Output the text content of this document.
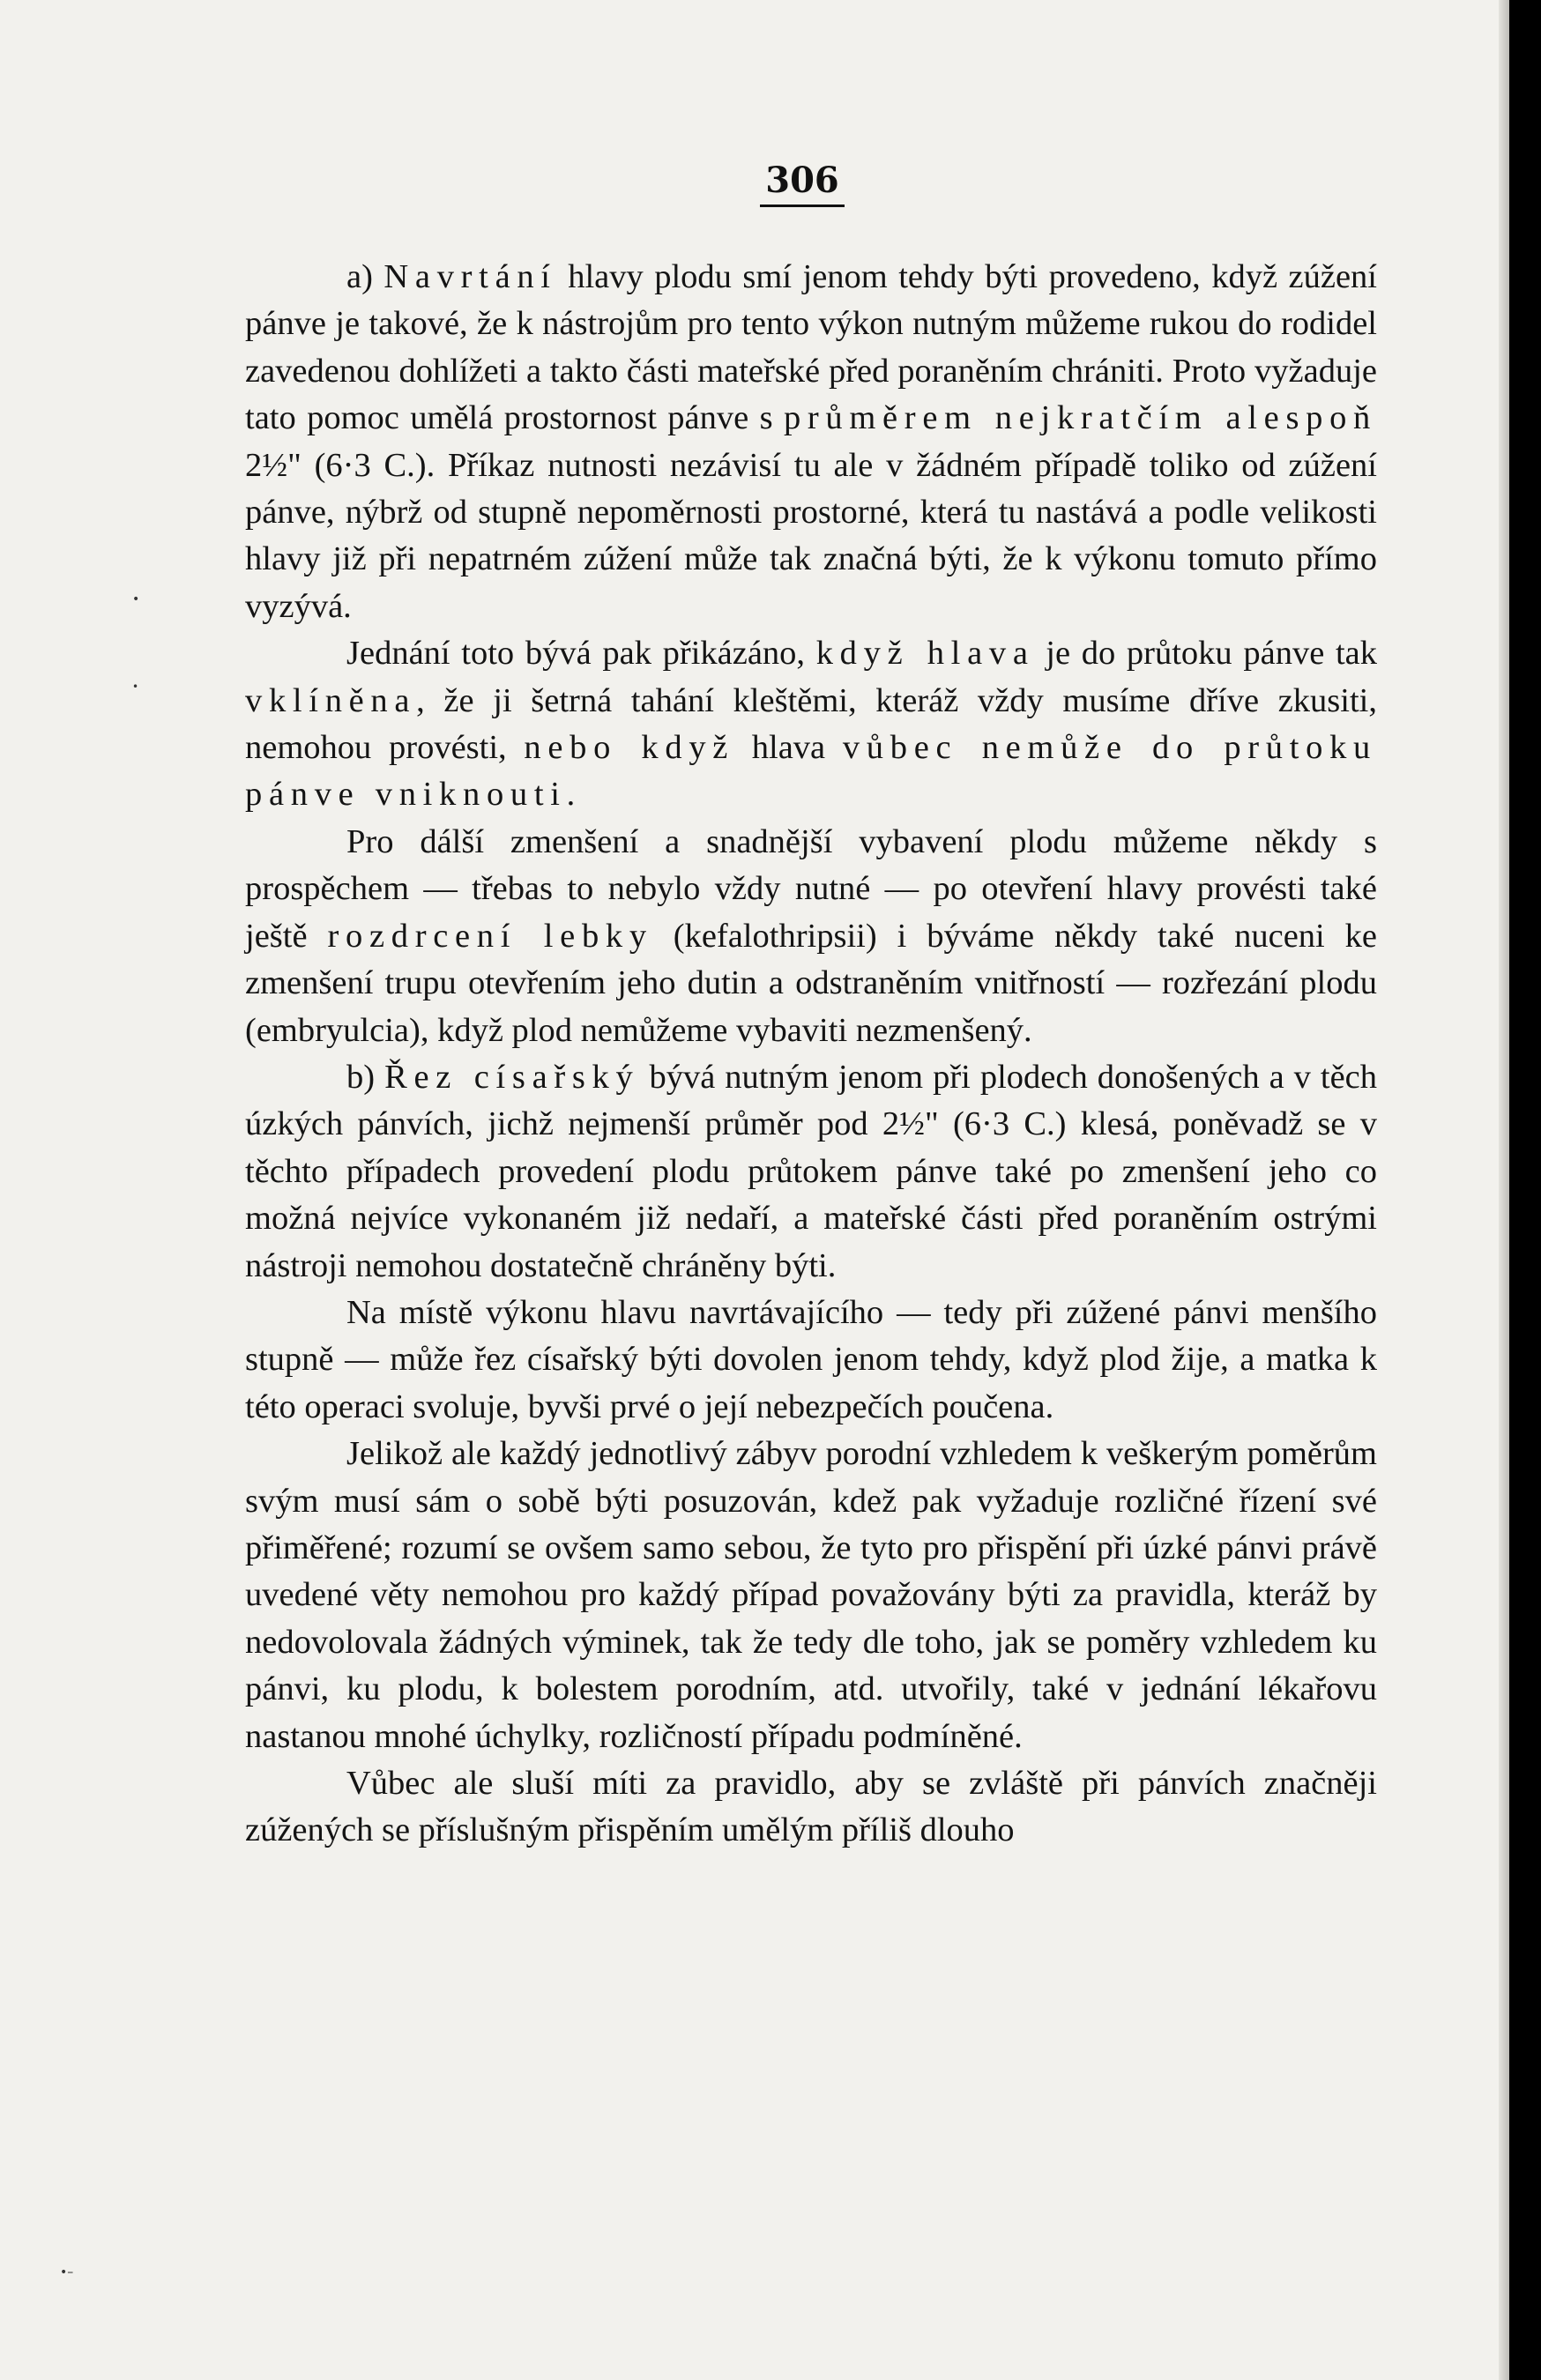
306

a) Navrtání hlavy plodu smí jenom tehdy býti provedeno, když zúžení pánve je takové, že k nástrojům pro tento výkon nutným můžeme rukou do rodidel zavedenou dohlížeti a takto části mateřské před poraněním chrániti. Proto vyžaduje tato pomoc umělá prostornost pánve s průměrem nejkratčím alespoň 2½" (6·3 C.). Příkaz nutnosti nezávisí tu ale v žádném případě toliko od zúžení pánve, nýbrž od stupně nepoměrnosti prostorné, která tu nastává a podle velikosti hlavy již při nepatrném zúžení může tak značná býti, že k výkonu tomuto přímo vyzývá.

Jednání toto bývá pak přikázáno, když hlava je do průtoku pánve tak vklíněna, že ji šetrná tahání kleštěmi, kteráž vždy musíme dříve zkusiti, nemohou provésti, nebo když hlava vůbec nemůže do průtoku pánve vniknouti.

Pro dálší zmenšení a snadnější vybavení plodu můžeme někdy s prospěchem — třebas to nebylo vždy nutné — po otevření hlavy provésti také ještě rozdrcení lebky (kefalothripsii) i býváme někdy také nuceni ke zmenšení trupu otevřením jeho dutin a odstraněním vnitřností — rozřezání plodu (embryulcia), když plod nemůžeme vybaviti nezmenšený.

b) Řez císařský bývá nutným jenom při plodech donošených a v těch úzkých pánvích, jichž nejmenší průměr pod 2½" (6·3 C.) klesá, poněvadž se v těchto případech provedení plodu průtokem pánve také po zmenšení jeho co možná nejvíce vykonaném již nedaří, a mateřské části před poraněním ostrými nástroji nemohou dostatečně chráněny býti.

Na místě výkonu hlavu navrtávajícího — tedy při zúžené pánvi menšího stupně — může řez císařský býti dovolen jenom tehdy, když plod žije, a matka k této operaci svoluje, byvši prvé o její nebezpečích poučena.

Jelikož ale každý jednotlivý zábyv porodní vzhledem k veškerým poměrům svým musí sám o sobě býti posuzován, kdež pak vyžaduje rozličné řízení své přiměřené; rozumí se ovšem samo sebou, že tyto pro přispění při úzké pánvi právě uvedené věty nemohou pro každý případ považovány býti za pravidla, kteráž by nedovolovala žádných výminek, tak že tedy dle toho, jak se poměry vzhledem ku pánvi, ku plodu, k bolestem porodním, atd. utvořily, také v jednání lékařovu nastanou mnohé úchylky, rozličností případu podmíněné.

Vůbec ale sluší míti za pravidlo, aby se zvláště při pánvích značněji zúžených se příslušným přispěním umělým příliš dlouho

•
•
•–
